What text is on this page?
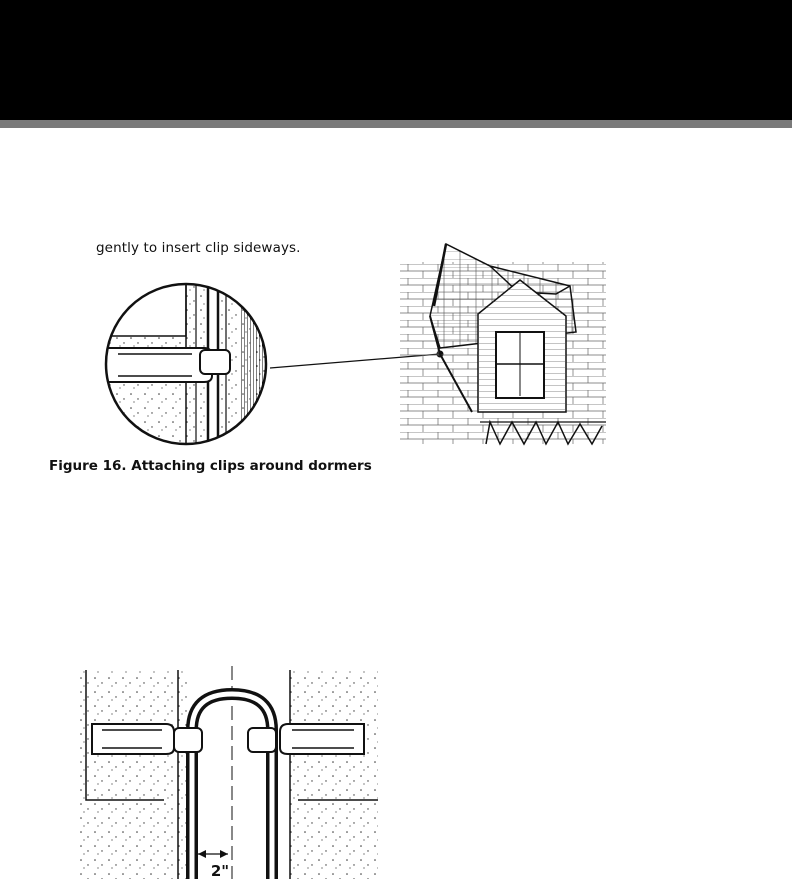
gently to insert clip sideways.
Figure 16. Attaching clips around dormers
2"
